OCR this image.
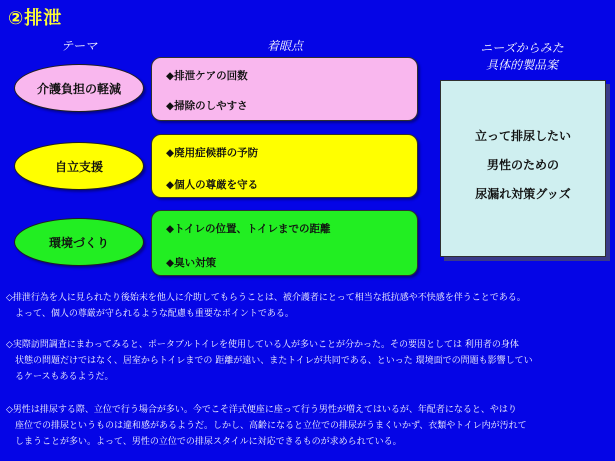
②排泄
テーマ	着眼点	ニーズからみた
具体的製品案
介護負担の軽減
自立支援
環境づくり
◆排泄ケアの回数
◆掃除のしやすさ
◆廃用症候群の予防
◆個人の尊厳を守る
◆トイレの位置、トイレまでの距離
◆臭い対策
立って排尿したい
男性のための
尿漏れ対策グッズ
◇排泄行為を人に見られたり後始末を他人に介助してもらうことは、被介護者にとって相当な抵抗感や不快感を伴うことである。
　よって、個人の尊厳が守られるような配慮も重要なポイントである。
◇実際訪問調査にまわってみると、ポータブルトイレを使用している人が多いことが分かった。その要因としては 利用者の身体
　状態の問題だけではなく、居室からトイレまでの 距離が遠い、またトイレが共同である、といった 環境面での問題も影響してい
　るケースもあるようだ。
◇男性は排尿する際、立位で行う場合が多い。今でこそ洋式便座に座って行う男性が増えてはいるが、年配者になると、やはり
　座位での排尿というものは違和感があるようだ。しかし、高齢になると立位での排尿がうまくいかず、衣類やトイレ内が汚れて
　しまうことが多い。よって、男性の立位での排尿スタイルに対応できるものが求められている。
